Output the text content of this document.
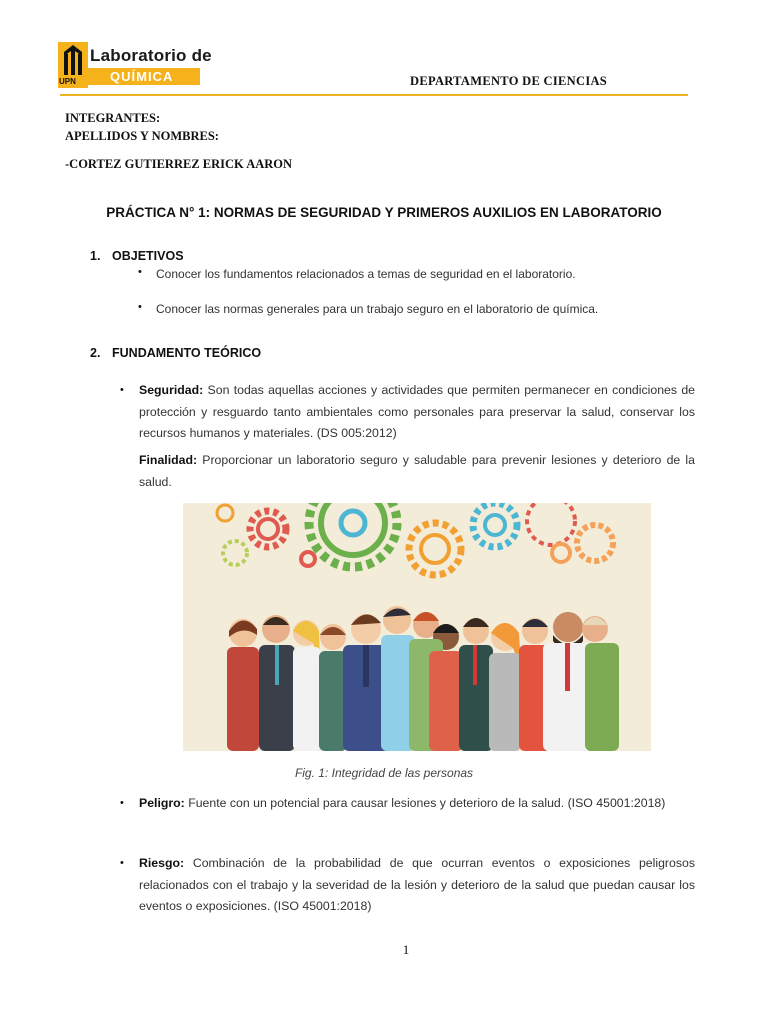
UPN
Laboratorio de
QUÍMICA	DEPARTAMENTO DE CIENCIAS
INTEGRANTES:
APELLIDOS Y NOMBRES:
-CORTEZ GUTIERREZ ERICK AARON
PRÁCTICA N° 1: NORMAS DE SEGURIDAD Y PRIMEROS AUXILIOS EN LABORATORIO
1. OBJETIVOS
• Conocer los fundamentos relacionados a temas de seguridad en el laboratorio.
• Conocer las normas generales para un trabajo seguro en el laboratorio de química.
2. FUNDAMENTO TEÓRICO
• Seguridad: Son todas aquellas acciones y actividades que permiten permanecer en condiciones de protección y resguardo tanto ambientales como personales para preservar la salud, conservar los recursos humanos y materiales. (DS 005:2012)
Finalidad: Proporcionar un laboratorio seguro y saludable para prevenir lesiones y deterioro de la salud.
Fig. 1: Integridad de las personas
• Peligro: Fuente con un potencial para causar lesiones y deterioro de la salud. (ISO 45001:2018)
• Riesgo: Combinación de la probabilidad de que ocurran eventos o exposiciones peligrosos relacionados con el trabajo y la severidad de la lesión y deterioro de la salud que puedan causar los eventos o exposiciones. (ISO 45001:2018)
1
